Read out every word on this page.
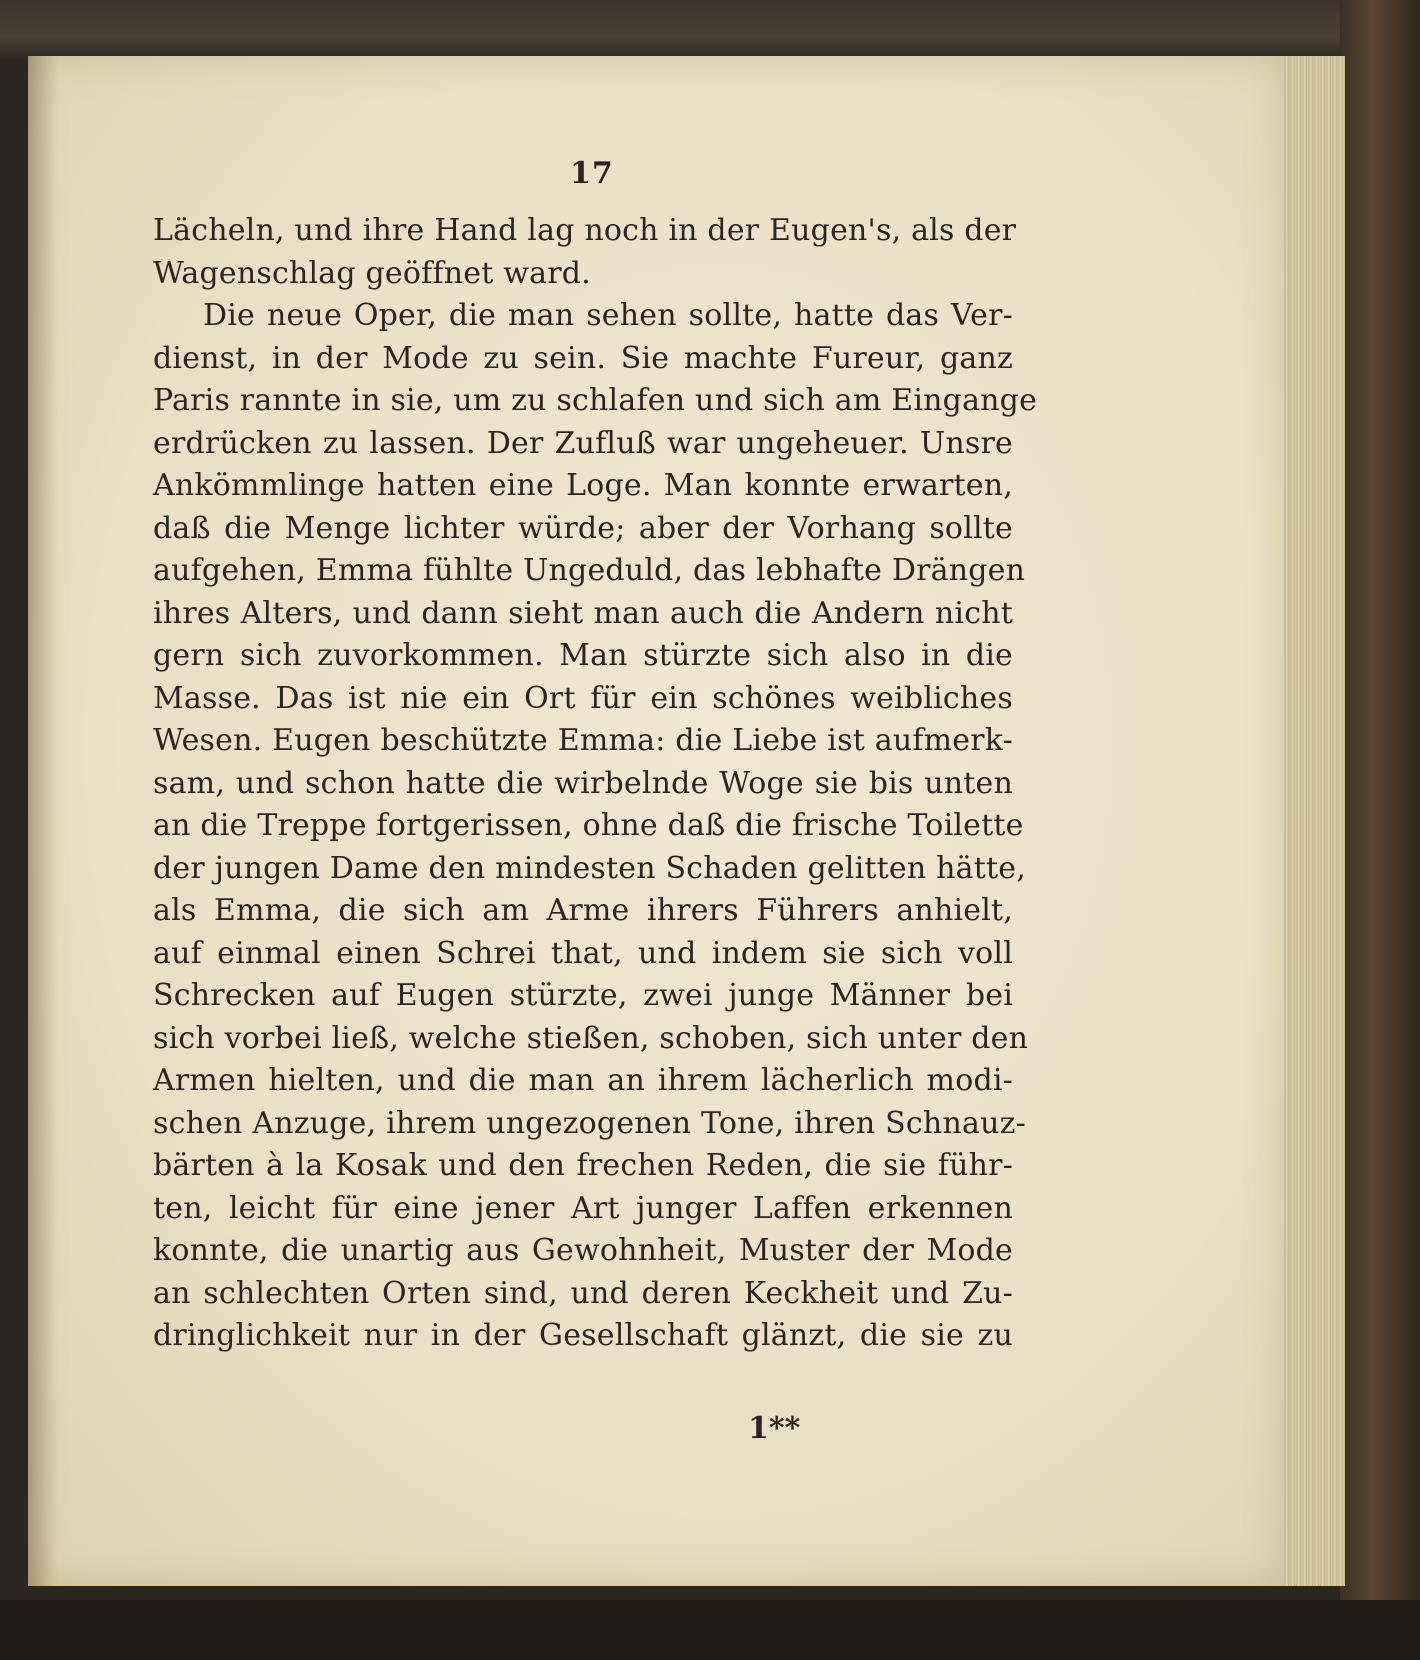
17
Lächeln, und ihre Hand lag noch in der Eugen's, als der
Wagenschlag geöffnet ward.
Die neue Oper, die man sehen sollte, hatte das Ver-
dienst, in der Mode zu sein. Sie machte Fureur, ganz
Paris rannte in sie, um zu schlafen und sich am Eingange
erdrücken zu lassen. Der Zufluß war ungeheuer. Unsre
Ankömmlinge hatten eine Loge. Man konnte erwarten,
daß die Menge lichter würde; aber der Vorhang sollte
aufgehen, Emma fühlte Ungeduld, das lebhafte Drängen
ihres Alters, und dann sieht man auch die Andern nicht
gern sich zuvorkommen. Man stürzte sich also in die
Masse. Das ist nie ein Ort für ein schönes weibliches
Wesen. Eugen beschützte Emma: die Liebe ist aufmerk-
sam, und schon hatte die wirbelnde Woge sie bis unten
an die Treppe fortgerissen, ohne daß die frische Toilette
der jungen Dame den mindesten Schaden gelitten hätte,
als Emma, die sich am Arme ihrers Führers anhielt,
auf einmal einen Schrei that, und indem sie sich voll
Schrecken auf Eugen stürzte, zwei junge Männer bei
sich vorbei ließ, welche stießen, schoben, sich unter den
Armen hielten, und die man an ihrem lächerlich modi-
schen Anzuge, ihrem ungezogenen Tone, ihren Schnauz-
bärten à la Kosak und den frechen Reden, die sie führ-
ten, leicht für eine jener Art junger Laffen erkennen
konnte, die unartig aus Gewohnheit, Muster der Mode
an schlechten Orten sind, und deren Keckheit und Zu-
dringlichkeit nur in der Gesellschaft glänzt, die sie zu
1**
